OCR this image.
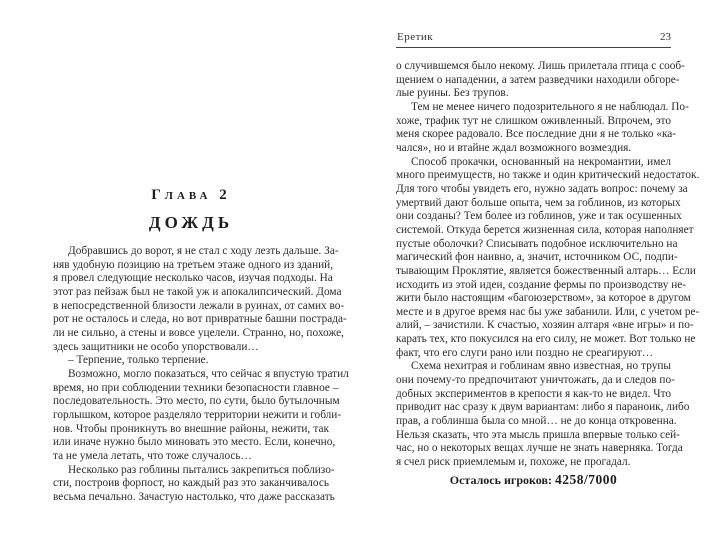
Глава 2
ДОЖДЬ

Добравшись до ворот, я не стал с ходу лезть дальше. За-
няв удобную позицию на третьем этаже одного из зданий,
я провел следующие несколько часов, изучая подходы. На
этот раз пейзаж был не такой уж и апокалипсический. Дома
в непосредственной близости лежали в руинах, от самих во-
рот не осталось и следа, но вот привратные башни пострада-
ли не сильно, а стены и вовсе уцелели. Странно, но, похоже,
здесь защитники не особо упорствовали…

– Терпение, только терпение.

Возможно, могло показаться, что сейчас я впустую тратил
время, но при соблюдении техники безопасности главное –
последовательность. Это место, по сути, было бутылочным
горлышком, которое разделяло территории нежити и гобли-
нов. Чтобы проникнуть во внешние районы, нежити, так
или иначе нужно было миновать это место. Если, конечно,
та не умела летать, что тоже случалось…

Несколько раз гоблины пытались закрепиться поблизо-
сти, построив форпост, но каждый раз это заканчивалось
весьма печально. Зачастую настолько, что даже рассказать

Еретик	23

о случившемся было некому. Лишь прилетала птица с сооб-
щением о нападении, а затем разведчики находили обгоре-
лые руины. Без трупов.

Тем не менее ничего подозрительного я не наблюдал. По-
хоже, трафик тут не слишком оживленный. Впрочем, это
меня скорее радовало. Все последние дни я не только «ка-
чался», но и втайне ждал возможного возмездия.

Способ прокачки, основанный на некромантии, имел
много преимуществ, но также и один критический недостаток.
Для того чтобы увидеть его, нужно задать вопрос: почему за
умертвий дают больше опыта, чем за гоблинов, из которых
они созданы? Тем более из гоблинов, уже и так осушенных
системой. Откуда берется жизненная сила, которая наполняет
пустые оболочки? Списывать подобное исключительно на
магический фон наивно, а, значит, источником ОС, подпи-
тывающим Проклятие, является божественный алтарь… Если
исходить из этой идеи, создание фермы по производству не-
жити было настоящим «багоюзерством», за которое в другом
месте и в другое время нас бы уже забанили. Или, с учетом ре-
алий, – зачистили. К счастью, хозяин алтаря «вне игры» и по-
карать тех, кто покусился на его силу, не может. Вот только не
факт, что его слуги рано или поздно не среагируют…

Схема нехитрая и гоблинам явно известная, но трупы
они почему-то предпочитают уничтожать, да и следов по-
добных экспериментов в крепости я как-то не видел. Что
приводит нас сразу к двум вариантам: либо я параноик, либо
прав, а гоблинша была со мной… не до конца откровенна.
Нельзя сказать, что эта мысль пришла впервые только сей-
час, но о некоторых вещах лучше не знать наверняка. Тогда
я счел риск приемлемым и, похоже, не прогадал.

Осталось игроков: 4258/7000
